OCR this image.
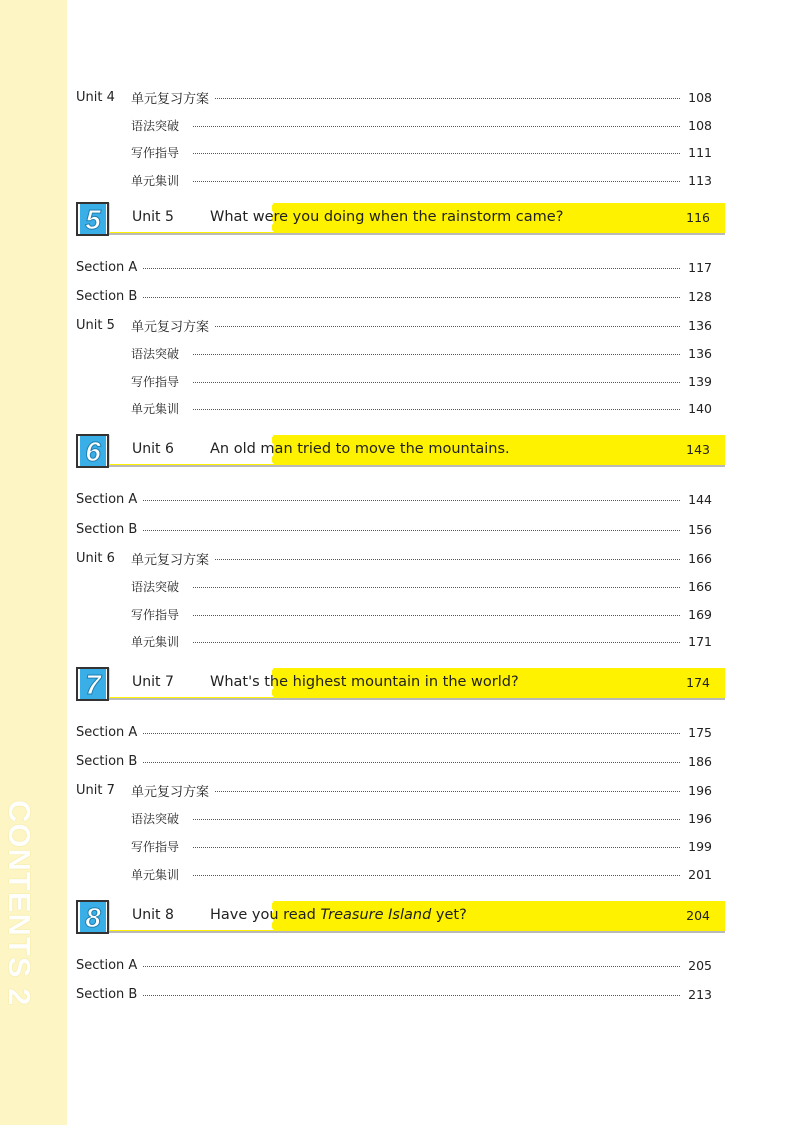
CONTENTS 2
Unit 4	单元复习方案	108
语法突破	108
写作指导	111
单元集训	113
5	Unit 5 What were you doing when the rainstorm came?	116
Section A	117
Section B	128
Unit 5	单元复习方案	136
语法突破	136
写作指导	139
单元集训	140
6	Unit 6 An old man tried to move the mountains.	143
Section A	144
Section B	156
Unit 6	单元复习方案	166
语法突破	166
写作指导	169
单元集训	171
7	Unit 7 What's the highest mountain in the world?	174
Section A	175
Section B	186
Unit 7	单元复习方案	196
语法突破	196
写作指导	199
单元集训	201
8	Unit 8 Have you read Treasure Island yet?	204
Section A	205
Section B	213
